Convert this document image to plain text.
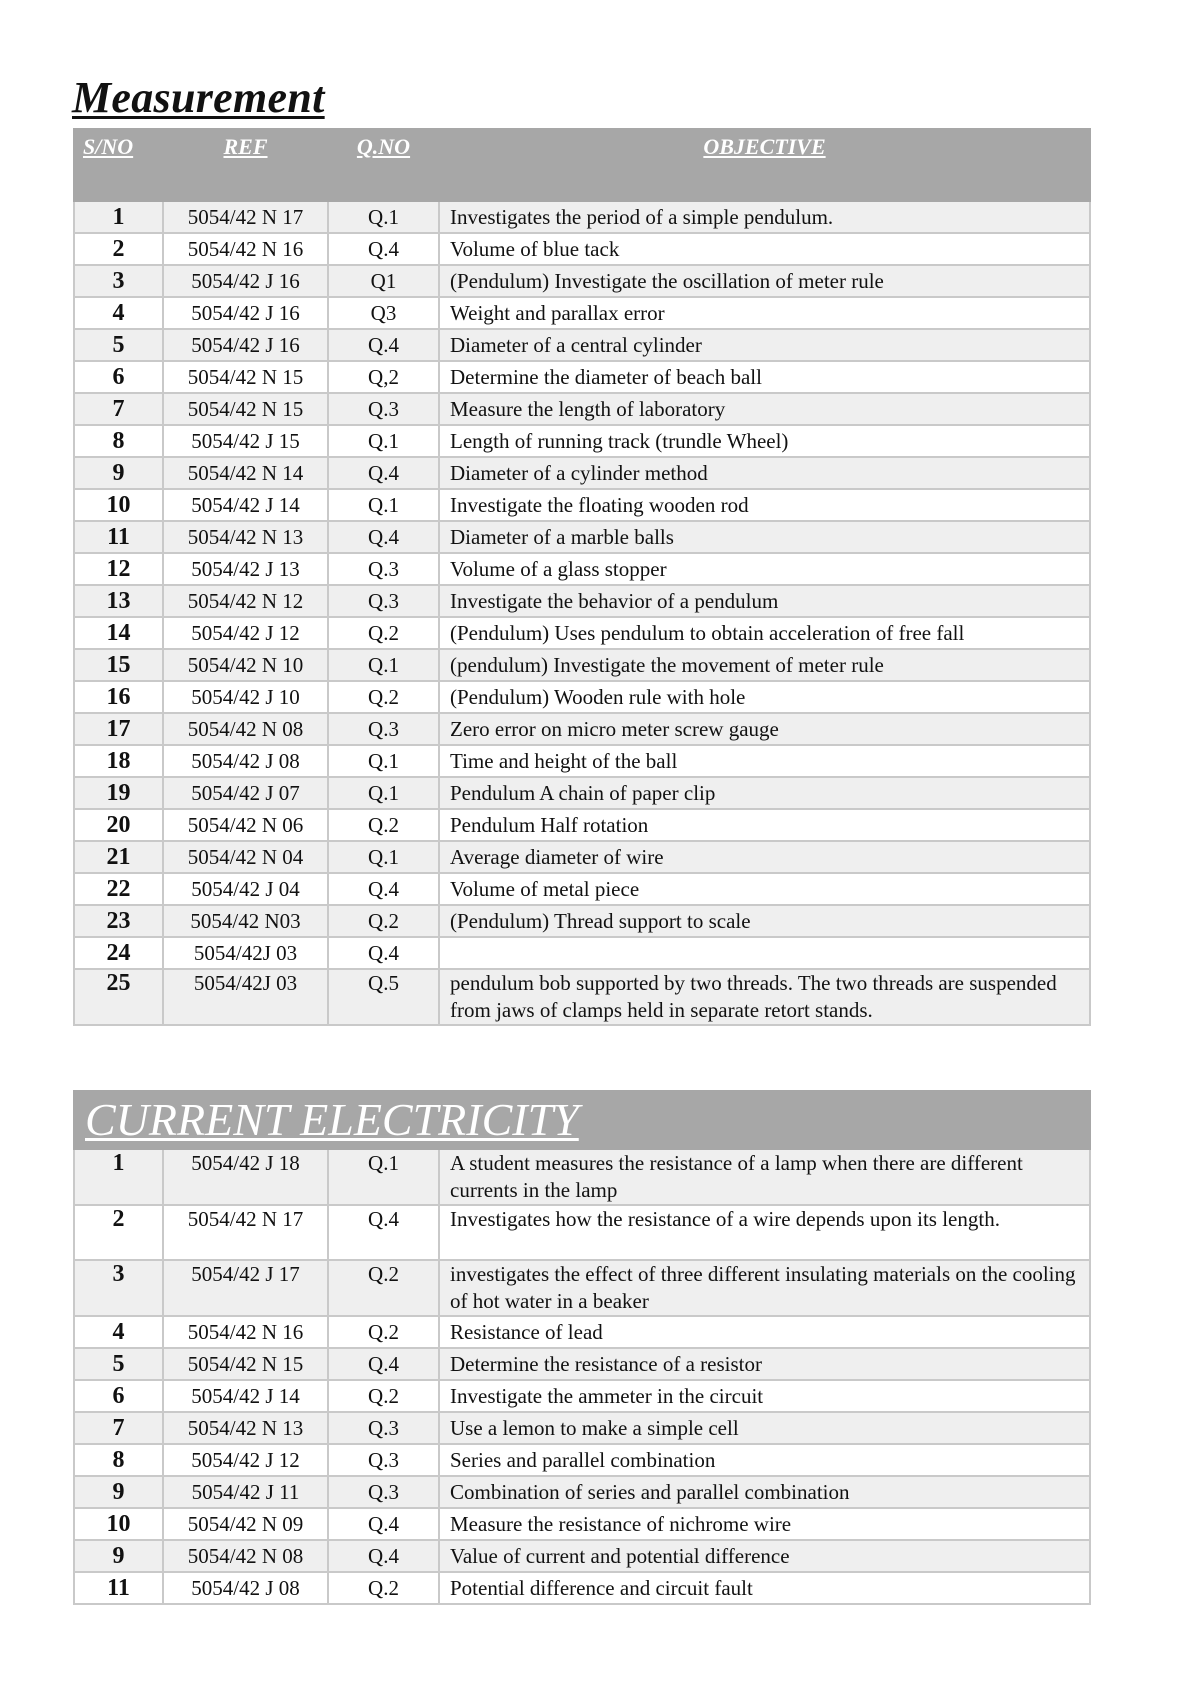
Measurement
S/NO	REF	Q.NO	OBJECTIVE
1	5054/42 N 17	Q.1	Investigates the period of a simple pendulum.
2	5054/42 N 16	Q.4	Volume of blue tack
3	5054/42 J 16	Q1	(Pendulum) Investigate the oscillation of meter rule
4	5054/42 J 16	Q3	Weight and parallax error
5	5054/42 J 16	Q.4	Diameter of a central cylinder
6	5054/42 N 15	Q,2	Determine the diameter of beach ball
7	5054/42 N 15	Q.3	Measure the length of laboratory
8	5054/42 J 15	Q.1	Length of running track (trundle Wheel)
9	5054/42 N 14	Q.4	Diameter of a cylinder method
10	5054/42 J 14	Q.1	Investigate the floating wooden rod
11	5054/42 N 13	Q.4	Diameter of a marble balls
12	5054/42 J 13	Q.3	Volume of a glass stopper
13	5054/42 N 12	Q.3	Investigate the behavior of a pendulum
14	5054/42 J 12	Q.2	(Pendulum) Uses pendulum to obtain acceleration of free fall
15	5054/42 N 10	Q.1	(pendulum) Investigate the movement of meter rule
16	5054/42 J 10	Q.2	(Pendulum) Wooden rule with hole
17	5054/42 N 08	Q.3	Zero error on micro meter screw gauge
18	5054/42 J 08	Q.1	Time and height of the ball
19	5054/42 J 07	Q.1	Pendulum A chain of paper clip
20	5054/42 N 06	Q.2	Pendulum Half rotation
21	5054/42 N 04	Q.1	Average diameter of wire
22	5054/42 J 04	Q.4	Volume of metal piece
23	5054/42 N03	Q.2	(Pendulum) Thread support to scale
24	5054/42J 03	Q.4	
25	5054/42J 03	Q.5	pendulum bob supported by two threads. The two threads are suspended from jaws of clamps held in separate retort stands.
CURRENT ELECTRICITY			
1	5054/42 J 18	Q.1	A student measures the resistance of a lamp when there are different currents in the lamp
2	5054/42 N 17	Q.4	Investigates how the resistance of a wire depends upon its length.
3	5054/42 J 17	Q.2	investigates the effect of three different insulating materials on the cooling of hot water in a beaker
4	5054/42 N 16	Q.2	Resistance of lead
5	5054/42 N 15	Q.4	Determine the resistance of a resistor
6	5054/42 J 14	Q.2	Investigate the ammeter in the circuit
7	5054/42 N 13	Q.3	Use a lemon to make a simple cell
8	5054/42 J 12	Q.3	Series and parallel combination
9	5054/42 J 11	Q.3	Combination of series and parallel combination
10	5054/42 N 09	Q.4	Measure the resistance of nichrome wire
9	5054/42 N 08	Q.4	Value of current and potential difference
11	5054/42 J 08	Q.2	Potential difference and circuit fault
